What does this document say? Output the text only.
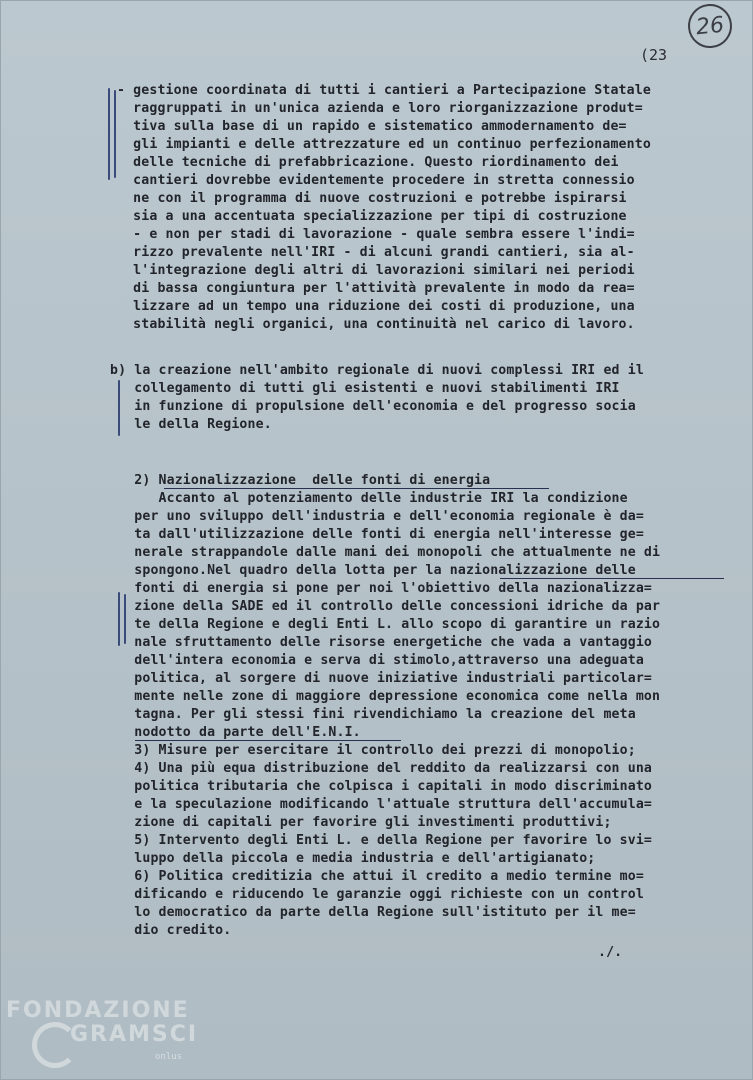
26
(23
- gestione coordinata di tutti i cantieri a Partecipazione Statale
raggruppati in un'unica azienda e loro riorganizzazione produt=
tiva sulla base di un rapido e sistematico ammodernamento de=
gli impianti e delle attrezzature ed un continuo perfezionamento
delle tecniche di prefabbricazione. Questo riordinamento dei
cantieri dovrebbe evidentemente procedere in stretta connessio
ne con il programma di nuove costruzioni e potrebbe ispirarsi
sia a una accentuata specializzazione per tipi di costruzione
- e non per stadi di lavorazione - quale sembra essere l'indi=
rizzo prevalente nell'IRI - di alcuni grandi cantieri, sia al-
l'integrazione degli altri di lavorazioni similari nei periodi
di bassa congiuntura per l'attività prevalente in modo da rea=
lizzare ad un tempo una riduzione dei costi di produzione, una
stabilità negli organici, una continuità nel carico di lavoro.
b) la creazione nell'ambito regionale di nuovi complessi IRI ed il
collegamento di tutti gli esistenti e nuovi stabilimenti IRI
in funzione di propulsione dell'economia e del progresso socia
le della Regione.
2) Nazionalizzazione  delle fonti di energia
Accanto al potenziamento delle industrie IRI la condizione
per uno sviluppo dell'industria e dell'economia regionale è da=
ta dall'utilizzazione delle fonti di energia nell'interesse ge=
nerale strappandole dalle mani dei monopoli che attualmente ne di
spongono.Nel quadro della lotta per la nazionalizzazione delle
fonti di energia si pone per noi l'obiettivo della nazionalizza=
zione della SADE ed il controllo delle concessioni idriche da par
te della Regione e degli Enti L. allo scopo di garantire un razio
nale sfruttamento delle risorse energetiche che vada a vantaggio
dell'intera economia e serva di stimolo,attraverso una adeguata
politica, al sorgere di nuove iniziative industriali particolar=
mente nelle zone di maggiore depressione economica come nella mon
tagna. Per gli stessi fini rivendichiamo la creazione del meta
nodotto da parte dell'E.N.I.
3) Misure per esercitare il controllo dei prezzi di monopolio;
4) Una più equa distribuzione del reddito da realizzarsi con una
politica tributaria che colpisca i capitali in modo discriminato
e la speculazione modificando l'attuale struttura dell'accumula=
zione di capitali per favorire gli investimenti produttivi;
5) Intervento degli Enti L. e della Regione per favorire lo svi=
luppo della piccola e media industria e dell'artigianato;
6) Politica creditizia che attui il credito a medio termine mo=
dificando e riducendo le garanzie oggi richieste con un control
lo democratico da parte della Regione sull'istituto per il me=
dio credito.
./.
FONDAZIONE
GRAMSCI
onlus
